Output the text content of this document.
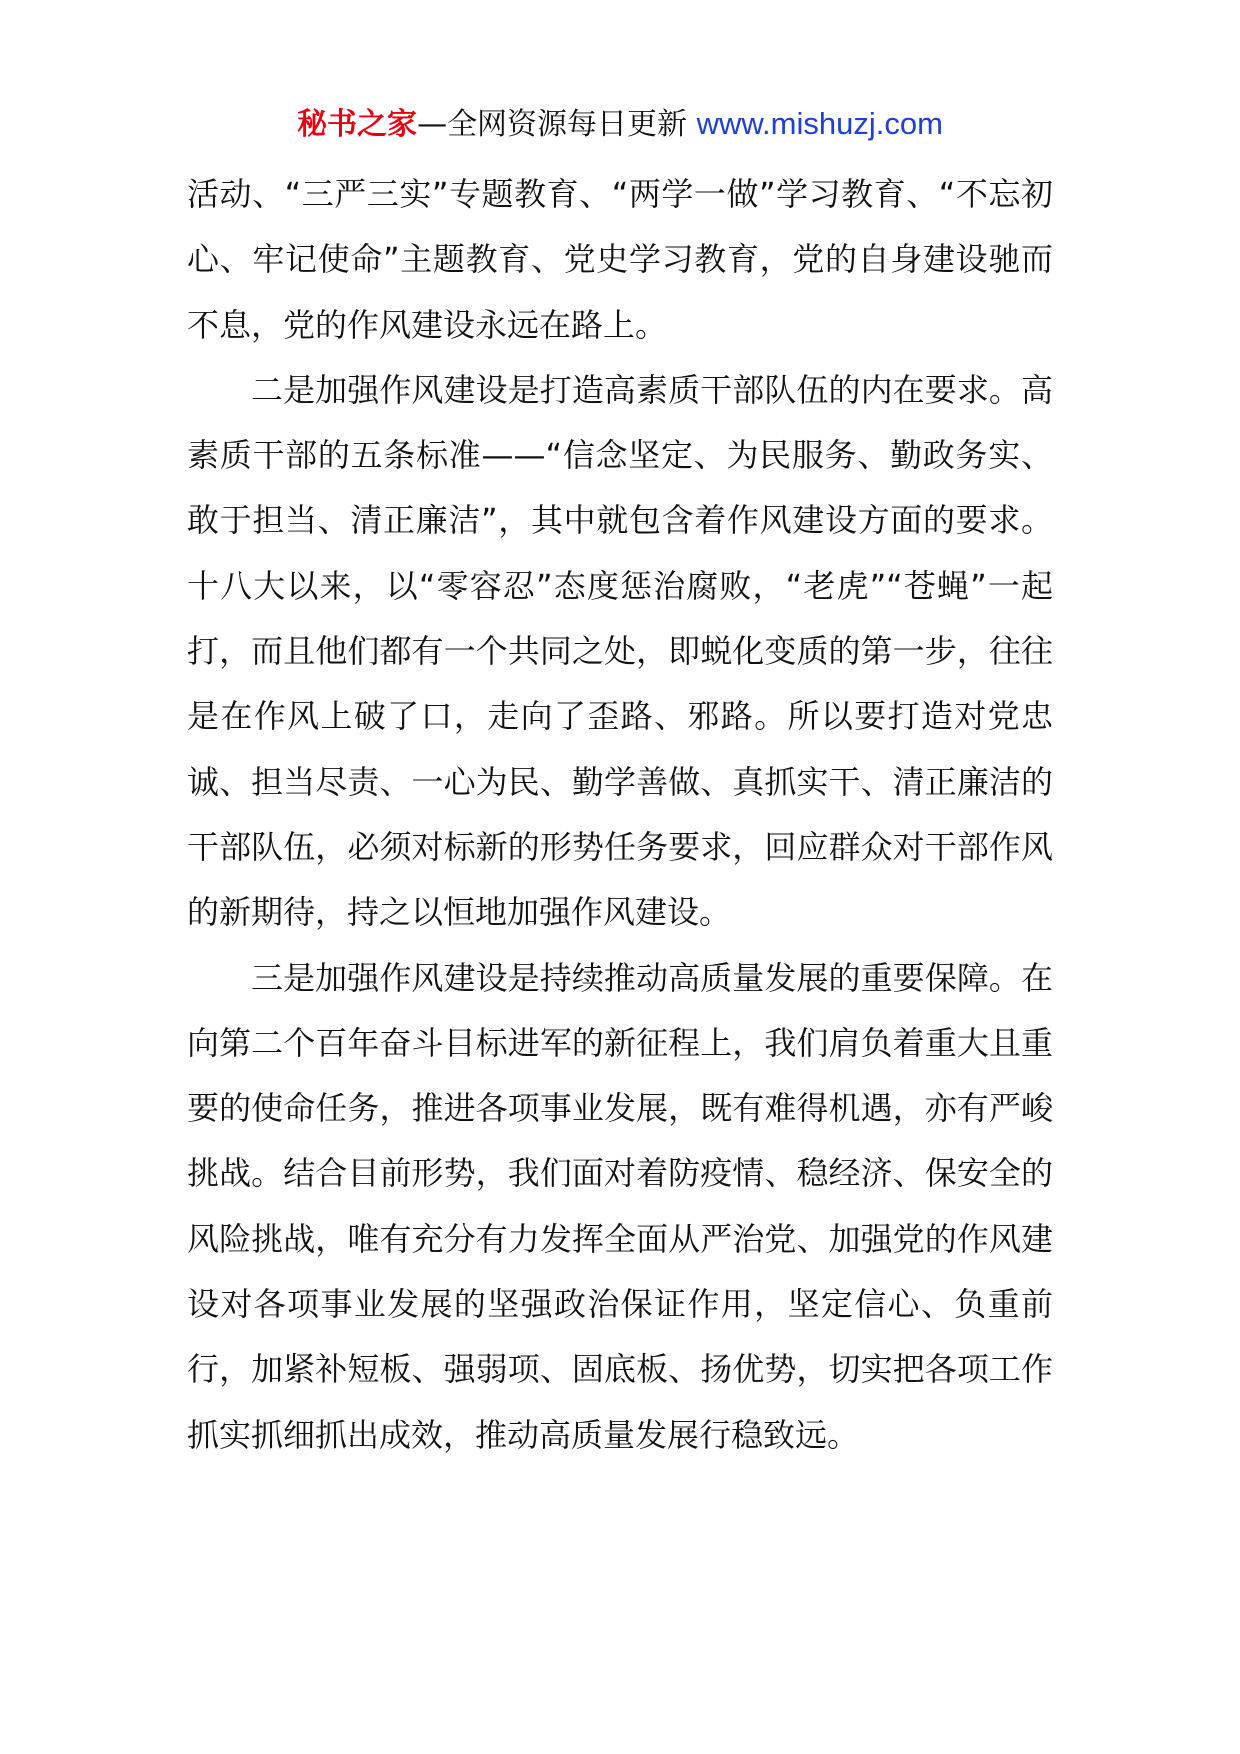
秘书之家—全网资源每日更新 www.mishuzj.com

活动、“三严三实”专题教育、“两学一做”学习教育、“不忘初心、牢记使命”主题教育、党史学习教育，党的自身建设驰而不息，党的作风建设永远在路上。

二是加强作风建设是打造高素质干部队伍的内在要求。高素质干部的五条标准——“信念坚定、为民服务、勤政务实、敢于担当、清正廉洁”，其中就包含着作风建设方面的要求。十八大以来，以“零容忍”态度惩治腐败，“老虎”“苍蝇”一起打，而且他们都有一个共同之处，即蜕化变质的第一步，往往是在作风上破了口，走向了歪路、邪路。所以要打造对党忠诚、担当尽责、一心为民、勤学善做、真抓实干、清正廉洁的干部队伍，必须对标新的形势任务要求，回应群众对干部作风的新期待，持之以恒地加强作风建设。

三是加强作风建设是持续推动高质量发展的重要保障。在向第二个百年奋斗目标进军的新征程上，我们肩负着重大且重要的使命任务，推进各项事业发展，既有难得机遇，亦有严峻挑战。结合目前形势，我们面对着防疫情、稳经济、保安全的风险挑战，唯有充分有力发挥全面从严治党、加强党的作风建设对各项事业发展的坚强政治保证作用，坚定信心、负重前行，加紧补短板、强弱项、固底板、扬优势，切实把各项工作抓实抓细抓出成效，推动高质量发展行稳致远。
